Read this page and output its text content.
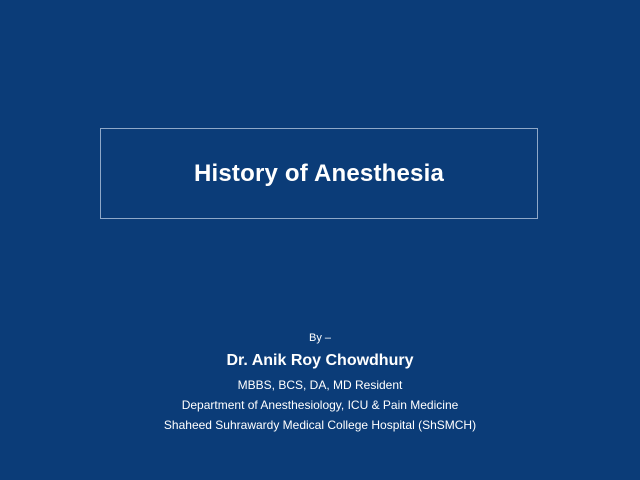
History of Anesthesia

By –

Dr. Anik Roy Chowdhury

MBBS, BCS, DA, MD Resident

Department of Anesthesiology, ICU & Pain Medicine

Shaheed Suhrawardy Medical College Hospital (ShSMCH)
